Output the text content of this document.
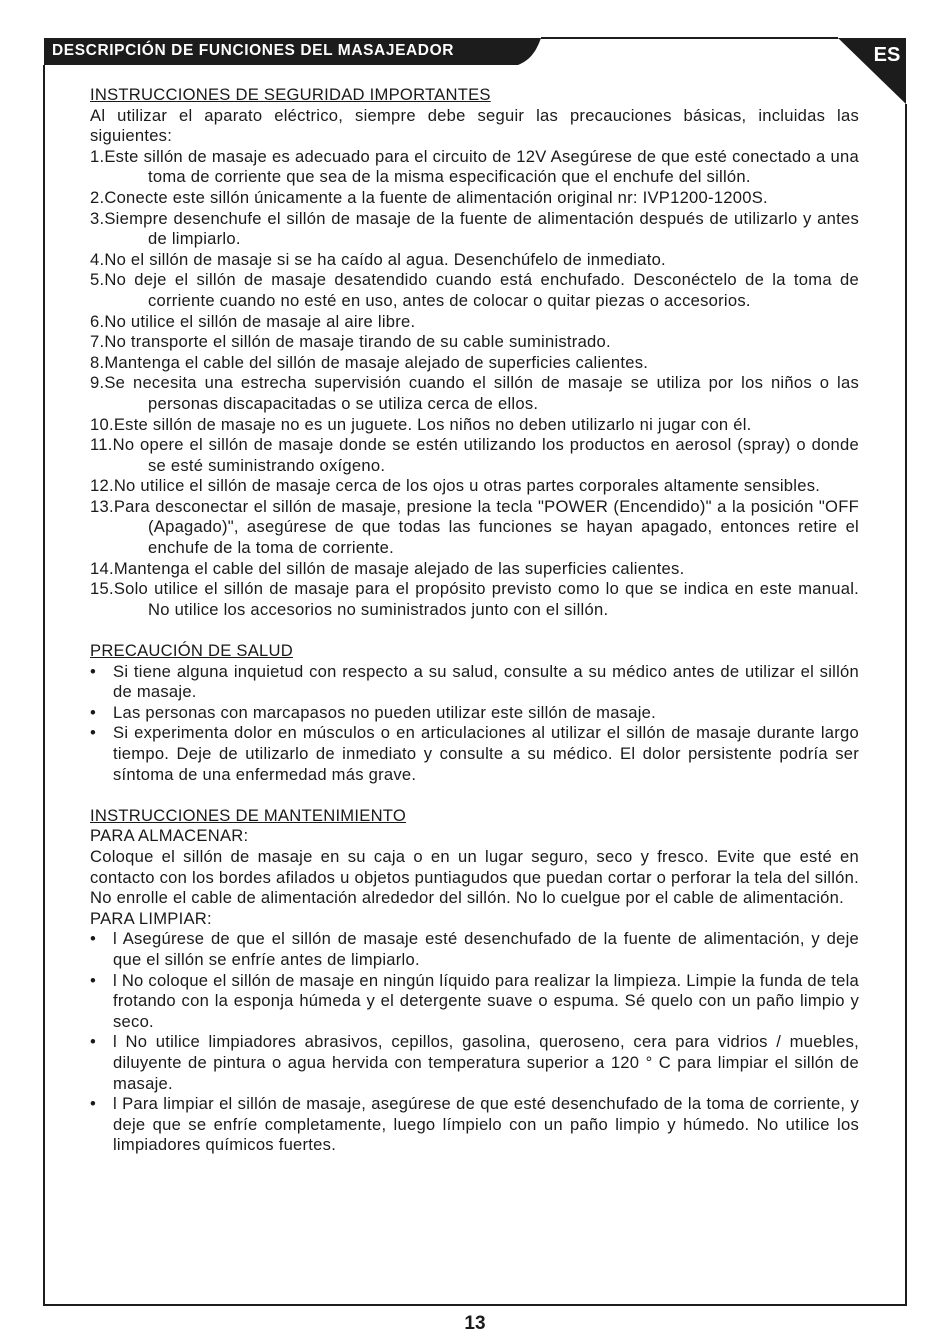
DESCRIPCIÓN DE FUNCIONES DEL MASAJEADOR	ES

INSTRUCCIONES DE SEGURIDAD IMPORTANTES

Al utilizar el aparato eléctrico, siempre debe seguir las precauciones básicas, incluidas las siguientes:

1.Este sillón de masaje es adecuado para el circuito de 12V Asegúrese de que esté conectado a una toma de corriente que sea de la misma especificación que el enchufe del sillón.

2.Conecte este sillón únicamente a la fuente de alimentación original nr: IVP1200-1200S.

3.Siempre desenchufe el sillón de masaje de la fuente de alimentación después de utilizarlo y antes de limpiarlo.

4.No el sillón de masaje si se ha caído al agua. Desenchúfelo de inmediato.

5.No deje el sillón de masaje desatendido cuando está enchufado. Desconéctelo de la toma de corriente cuando no esté en uso, antes de colocar o quitar piezas o accesorios.

6.No utilice el sillón de masaje al aire libre.

7.No transporte el sillón de masaje tirando de su cable suministrado.

8.Mantenga el cable del sillón de masaje alejado de superficies calientes.

9.Se necesita una estrecha supervisión cuando el sillón de masaje se utiliza por los niños o las personas discapacitadas o se utiliza cerca de ellos.

10.Este sillón de masaje no es un juguete. Los niños no deben utilizarlo ni jugar con él.

11.No opere el sillón de masaje donde se estén utilizando los productos en aerosol (spray) o donde se esté suministrando oxígeno.

12.No utilice el sillón de masaje cerca de los ojos u otras partes corporales altamente sensibles.

13.Para desconectar el sillón de masaje, presione la tecla "POWER (Encendido)" a la posición "OFF (Apagado)", asegúrese de que todas las funciones se hayan apagado, entonces retire el enchufe de la toma de corriente.

14.Mantenga el cable del sillón de masaje alejado de las superficies calientes.

15.Solo utilice el sillón de masaje para el propósito previsto como lo que se indica en este manual. No utilice los accesorios no suministrados junto con el sillón.

PRECAUCIÓN DE SALUD

•	Si tiene alguna inquietud con respecto a su salud, consulte a su médico antes de utilizar el sillón de masaje.
•	Las personas con marcapasos no pueden utilizar este sillón de masaje.
•	Si experimenta dolor en músculos o en articulaciones al utilizar el sillón de masaje durante largo tiempo. Deje de utilizarlo de inmediato y consulte a su médico. El dolor persistente podría ser síntoma de una enfermedad más grave.

INSTRUCCIONES DE MANTENIMIENTO

PARA ALMACENAR:

Coloque el sillón de masaje en su caja o en un lugar seguro, seco y fresco. Evite que esté en contacto con los bordes afilados u objetos puntiagudos que puedan cortar o perforar la tela del sillón. No enrolle el cable de alimentación alrededor del sillón. No lo cuelgue por el cable de alimentación.

PARA LIMPIAR:

•	l Asegúrese de que el sillón de masaje esté desenchufado de la fuente de alimentación, y deje que el sillón se enfríe antes de limpiarlo.
•	l No coloque el sillón de masaje en ningún líquido para realizar la limpieza. Limpie la funda de tela frotando con la esponja húmeda y el detergente suave o espuma. Sé quelo con un paño limpio y seco.
•	l No utilice limpiadores abrasivos, cepillos, gasolina, queroseno, cera para vidrios / muebles, diluyente de pintura o agua hervida con temperatura superior a 120 ° C para limpiar el sillón de masaje.
•	l Para limpiar el sillón de masaje, asegúrese de que esté desenchufado de la toma de corriente, y deje que se enfríe completamente, luego límpielo con un paño limpio y húmedo. No utilice los limpiadores químicos fuertes.
13
